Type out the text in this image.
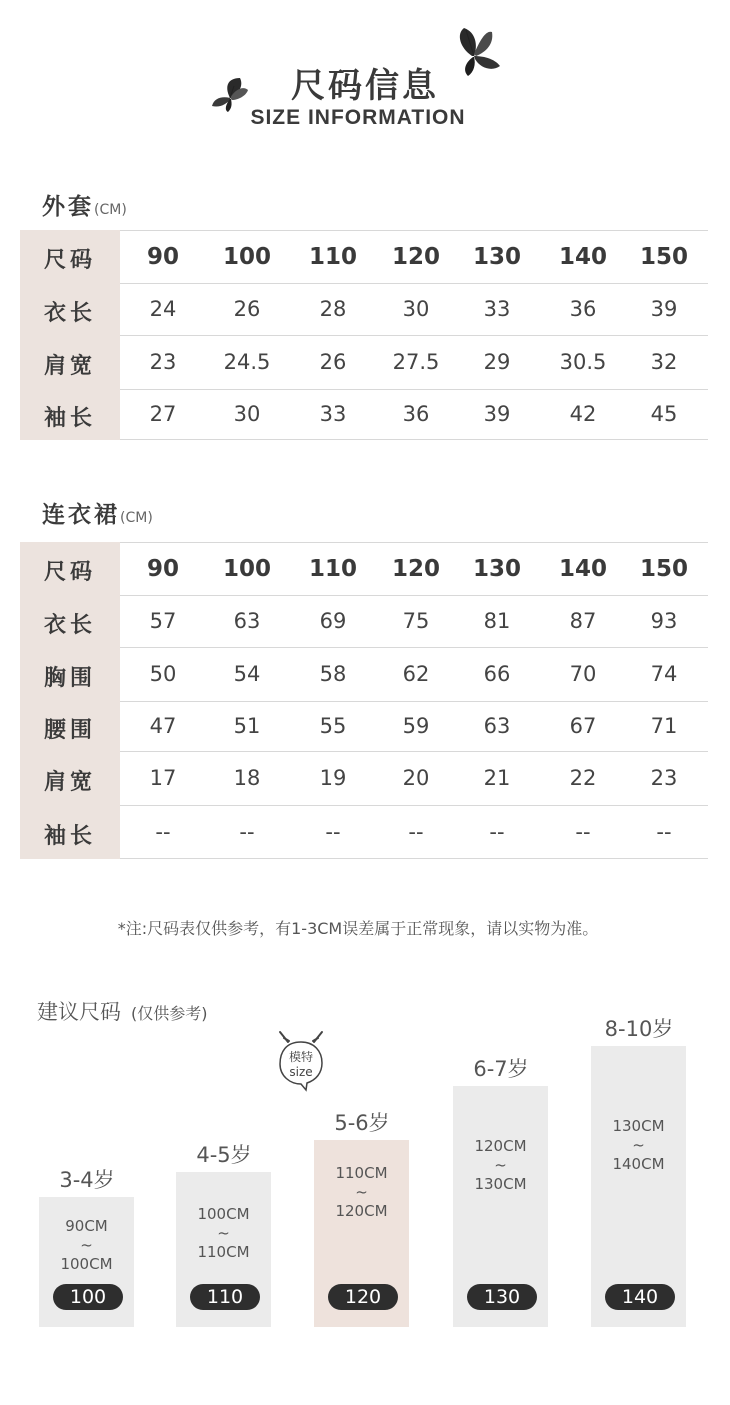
尺码信息
SIZE INFORMATION
外套(CM)
尺码	90	100	110	120	130	140	150
衣长	24	26	28	30	33	36	39
肩宽	23	24.5	26	27.5	29	30.5	32
袖长	27	30	33	36	39	42	45
连衣裙(CM)
尺码	90	100	110	120	130	140	150
衣长	57	63	69	75	81	87	93
胸围	50	54	58	62	66	70	74
腰围	47	51	55	59	63	67	71
肩宽	17	18	19	20	21	22	23
袖长	--	--	--	--	--	--	--
*注:尺码表仅供参考，有1-3CM误差属于正常现象，请以实物为准。
建议尺码 (仅供参考)
模特
size
90CM
~
100CM
100
3-4岁
100CM
~
110CM
110
4-5岁
110CM
~
120CM
120
5-6岁
120CM
~
130CM
130
6-7岁
130CM
~
140CM
140
8-10岁
